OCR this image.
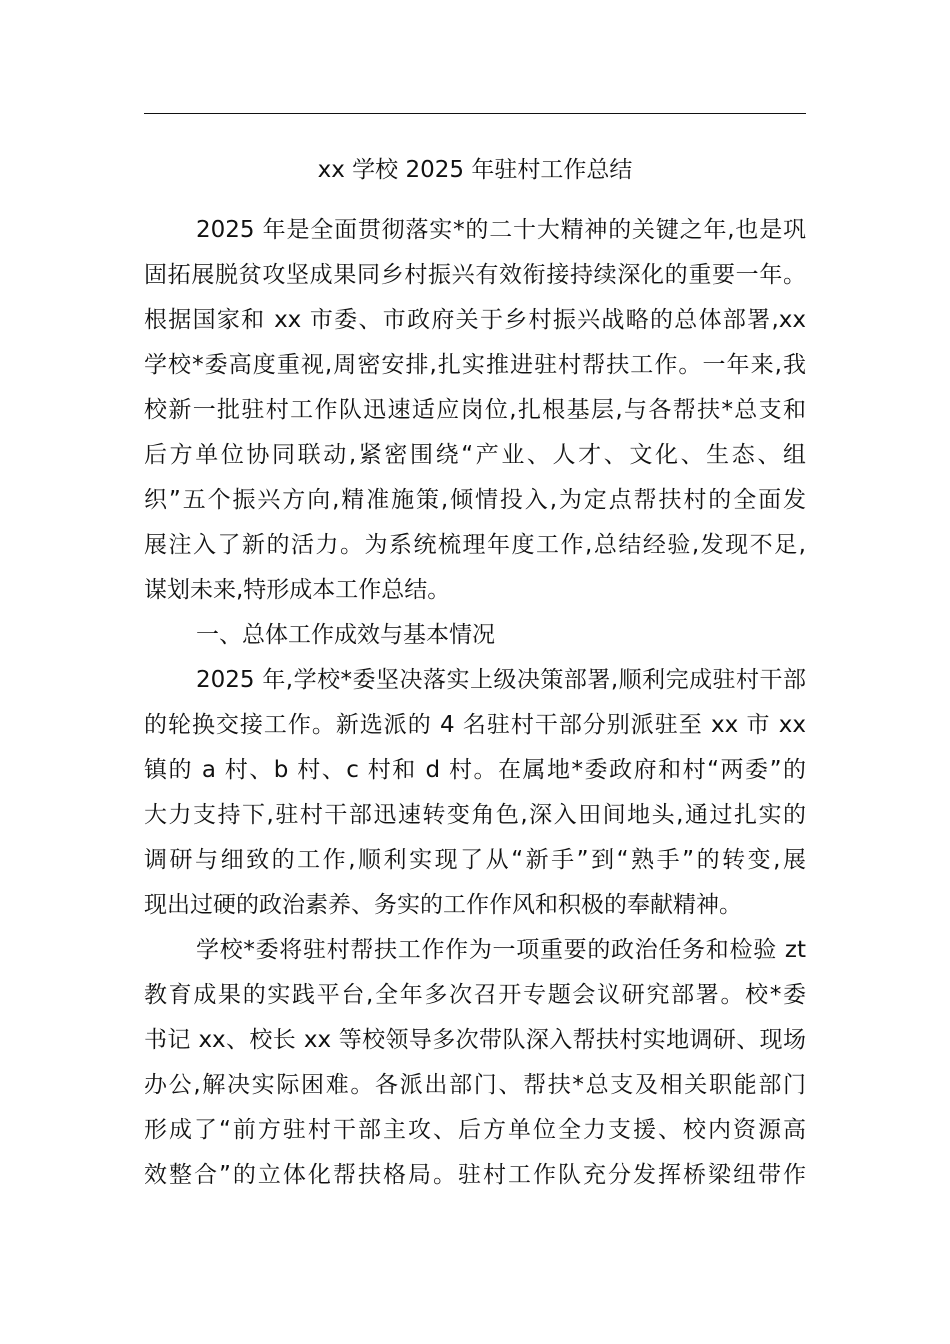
xx 学校 2025 年驻村工作总结
2025 年是全面贯彻落实*的二十大精神的关键之年,也是巩
固拓展脱贫攻坚成果同乡村振兴有效衔接持续深化的重要一年。
根据国家和 xx 市委、市政府关于乡村振兴战略的总体部署,xx
学校*委高度重视,周密安排,扎实推进驻村帮扶工作。一年来,我
校新一批驻村工作队迅速适应岗位,扎根基层,与各帮扶*总支和
后方单位协同联动,紧密围绕“产业、人才、文化、生态、组
织”五个振兴方向,精准施策,倾情投入,为定点帮扶村的全面发
展注入了新的活力。为系统梳理年度工作,总结经验,发现不足,
谋划未来,特形成本工作总结。
一、总体工作成效与基本情况
2025 年,学校*委坚决落实上级决策部署,顺利完成驻村干部
的轮换交接工作。新选派的 4 名驻村干部分别派驻至 xx 市 xx
镇的 a 村、b 村、c 村和 d 村。在属地*委政府和村“两委”的
大力支持下,驻村干部迅速转变角色,深入田间地头,通过扎实的
调研与细致的工作,顺利实现了从“新手”到“熟手”的转变,展
现出过硬的政治素养、务实的工作作风和积极的奉献精神。
学校*委将驻村帮扶工作作为一项重要的政治任务和检验 zt
教育成果的实践平台,全年多次召开专题会议研究部署。校*委
书记 xx、校长 xx 等校领导多次带队深入帮扶村实地调研、现场
办公,解决实际困难。各派出部门、帮扶*总支及相关职能部门
形成了“前方驻村干部主攻、后方单位全力支援、校内资源高
效整合”的立体化帮扶格局。驻村工作队充分发挥桥梁纽带作
